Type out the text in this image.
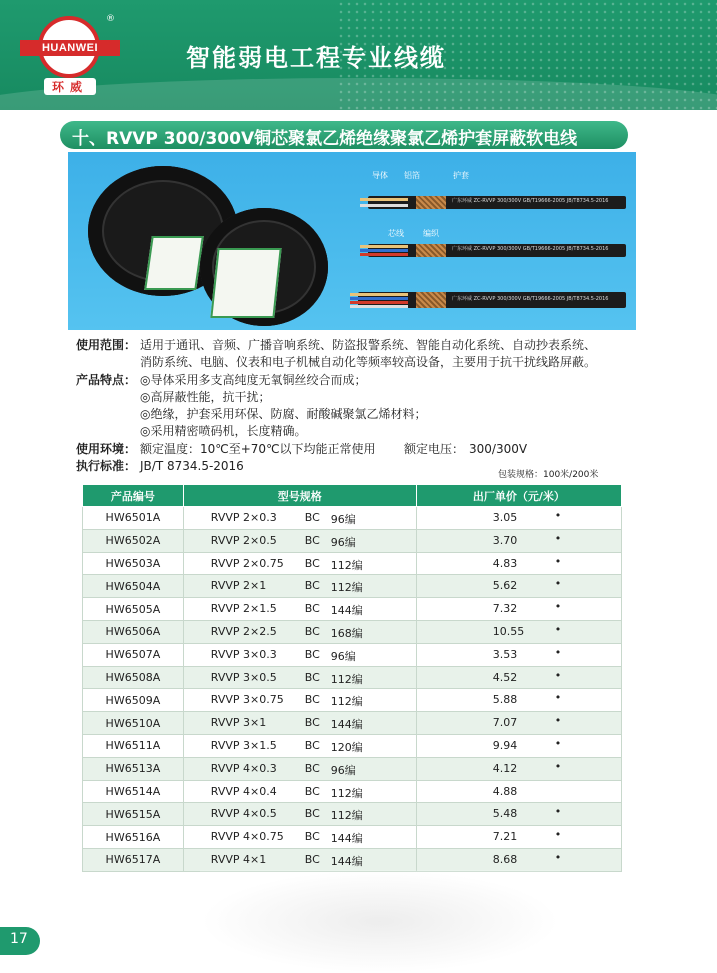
HUANWEI
®
环威
智能弱电工程专业线缆
十、RVVP 300/300V铜芯聚氯乙烯绝缘聚氯乙烯护套屏蔽软电线
导体 铝箔	护套
芯线 编织
广东环威 ZC-RVVP 300/300V GB/T19666-2005 JB/T8734.5-2016
广东环威 ZC-RVVP 300/300V GB/T19666-2005 JB/T8734.5-2016
广东环威 ZC-RVVP 300/300V GB/T19666-2005 JB/T8734.5-2016
使用范围： 适用于通讯、音频、广播音响系统、防盗报警系统、智能自动化系统、自动抄表系统、
消防系统、电脑、仪表和电子机械自动化等频率较高设备，主要用于抗干扰线路屏蔽。
产品特点： ◎导体采用多支高纯度无氧铜丝绞合而成；
◎高屏蔽性能，抗干扰；
◎绝缘，护套采用环保、防腐、耐酸碱聚氯乙烯材料；
◎采用精密喷码机，长度精确。
使用环境： 额定温度：10℃至+70℃以下均能正常使用 额定电压： 300/300V
执行标准： JB/T 8734.5-2016
包装规格：100米/200米
产品编号	型号规格	出厂单价（元/米）
HW6501A	RVVP 2×0.3 BC 96编	3.05 •

HW6502A	RVVP 2×0.5 BC 96编	3.70 •

HW6503A	RVVP 2×0.75 BC 112编	4.83 •

HW6504A	RVVP 2×1 BC 112编	5.62 •

HW6505A	RVVP 2×1.5 BC 144编	7.32 •

HW6506A	RVVP 2×2.5 BC 168编	10.55 •

HW6507A	RVVP 3×0.3 BC 96编	3.53 •

HW6508A	RVVP 3×0.5 BC 112编	4.52 •

HW6509A	RVVP 3×0.75 BC 112编	5.88 •

HW6510A	RVVP 3×1 BC 144编	7.07 •

HW6511A	RVVP 3×1.5 BC 120编	9.94 •

HW6513A	RVVP 4×0.3 BC 96编	4.12 •

HW6514A	RVVP 4×0.4 BC 112编	4.88

HW6515A	RVVP 4×0.5 BC 112编	5.48 •

HW6516A	RVVP 4×0.75 BC 144编	7.21 •

HW6517A	RVVP 4×1 BC 144编	8.68 •
17
